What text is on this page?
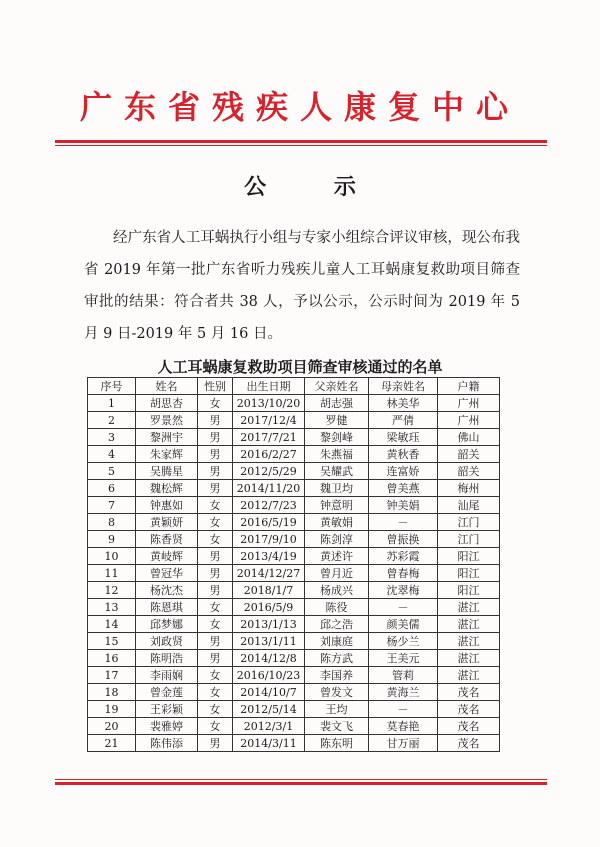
广东省残疾人康复中心
公 示
经广东省人工耳蜗执行小组与专家小组综合评议审核，现公布我省 2019 年第一批广东省听力残疾儿童人工耳蜗康复救助项目筛查审批的结果：符合者共 38 人，予以公示，公示时间为 2019 年 5 月 9 日-2019 年 5 月 16 日。
人工耳蜗康复救助项目筛查审核通过的名单
序号	姓名	性别	出生日期	父亲姓名	母亲姓名	户籍
1	胡思杏	女	2013/10/20	胡志强	林美华	广州
2	罗景然	男	2017/12/4	罗健	严倩	广州
3	黎洲宇	男	2017/7/21	黎剑峰	梁敏珏	佛山
4	朱家辉	男	2016/2/27	朱燕福	黄秋香	韶关
5	吴腾星	男	2012/5/29	吴耀武	连富娇	韶关
6	魏松辉	男	2014/11/20	魏卫均	曾美燕	梅州
7	钟惠如	女	2012/7/23	钟意明	钟美娟	汕尾
8	黄颖妍	女	2016/5/19	黄敏娟	－	江门
9	陈香贤	女	2017/9/10	陈剑淳	曾振换	江门
10	黄岐辉	男	2013/4/19	黄述许	苏彩霞	阳江
11	曾冠华	男	2014/12/27	曾月近	曾春梅	阳江
12	杨沈杰	男	2018/1/7	杨成兴	沈翠梅	阳江
13	陈恩琪	女	2016/5/9	陈役	－	湛江
14	邱梦娜	女	2013/1/13	邱之浩	颜美儒	湛江
15	刘政贤	男	2013/1/11	刘康庭	杨少兰	湛江
16	陈明浩	男	2014/12/8	陈方武	王美元	湛江
17	李雨娴	女	2016/10/23	李国养	管莉	湛江
18	曾金莲	女	2014/10/7	曾发文	黄海兰	茂名
19	王彩颖	女	2012/5/14	王均	－	茂名
20	裴雅婷	女	2012/3/1	裴文飞	莫春艳	茂名
21	陈伟添	男	2014/3/11	陈东明	甘万丽	茂名
